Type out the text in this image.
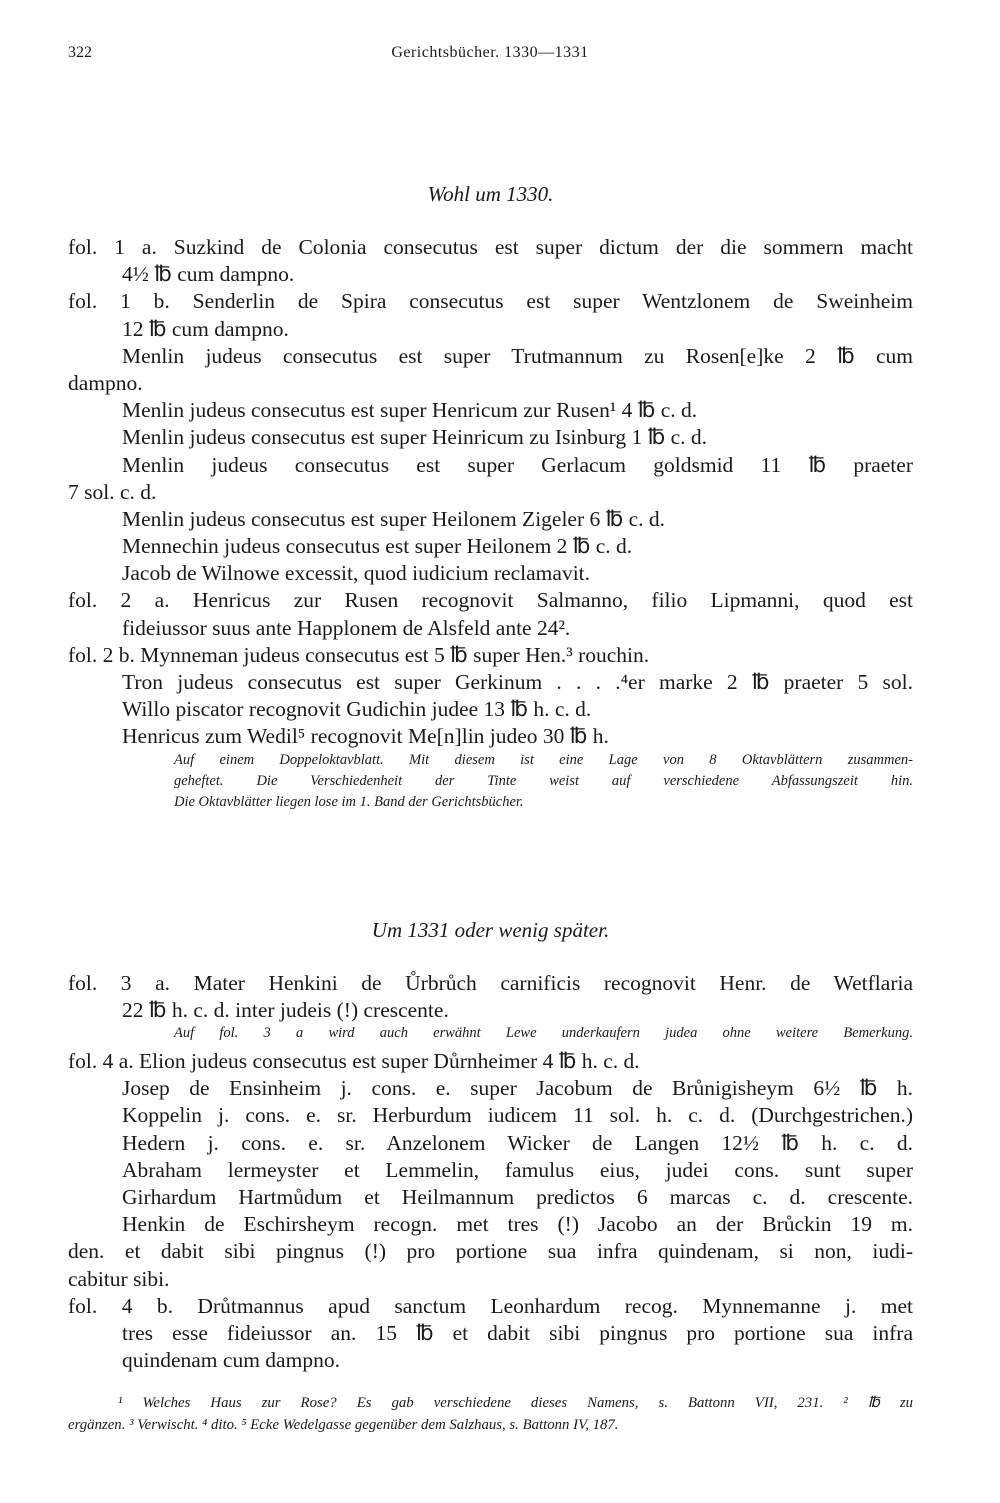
322	Gerichtsbücher. 1330—1331
Wohl um 1330.
fol. 1 a. Suzkind de Colonia consecutus est super dictum der die sommern macht
4½ ℔ cum dampno.
fol. 1 b. Senderlin de Spira consecutus est super Wentzlonem de Sweinheim
12 ℔ cum dampno.
Menlin judeus consecutus est super Trutmannum zu Rosen[e]ke 2 ℔ cum
dampno.
Menlin judeus consecutus est super Henricum zur Rusen¹ 4 ℔ c. d.
Menlin judeus consecutus est super Heinricum zu Isinburg 1 ℔ c. d.
Menlin judeus consecutus est super Gerlacum goldsmid 11 ℔ praeter
7 sol. c. d.
Menlin judeus consecutus est super Heilonem Zigeler 6 ℔ c. d.
Mennechin judeus consecutus est super Heilonem 2 ℔ c. d.
Jacob de Wilnowe excessit, quod iudicium reclamavit.
fol. 2 a. Henricus zur Rusen recognovit Salmanno, filio Lipmanni, quod est
fideiussor suus ante Happlonem de Alsfeld ante 24².
fol. 2 b. Mynneman judeus consecutus est 5 ℔ super Hen.³ rouchin.
Tron judeus consecutus est super Gerkinum . . . .⁴er marke 2 ℔ praeter 5 sol.
Willo piscator recognovit Gudichin judee 13 ℔ h. c. d.
Henricus zum Wedil⁵ recognovit Me[n]lin judeo 30 ℔ h.
Auf einem Doppeloktavblatt. Mit diesem ist eine Lage von 8 Oktavblättern zusammen-
geheftet. Die Verschiedenheit der Tinte weist auf verschiedene Abfassungszeit hin.
Die Oktavblätter liegen lose im 1. Band der Gerichtsbücher.
Um 1331 oder wenig später.
fol. 3 a. Mater Henkini de Ůrbrůch carnificis recognovit Henr. de Wetflaria
22 ℔ h. c. d. inter judeis (!) crescente.
Auf fol. 3 a wird auch erwähnt Lewe underkaufern judea ohne weitere Bemerkung.
fol. 4 a. Elion judeus consecutus est super Důrnheimer 4 ℔ h. c. d.
Josep de Ensinheim j. cons. e. super Jacobum de Brůnigisheym 6½ ℔ h.
Koppelin j. cons. e. sr. Herburdum iudicem 11 sol. h. c. d. (Durchgestrichen.)
Hedern j. cons. e. sr. Anzelonem Wicker de Langen 12½ ℔ h. c. d.
Abraham lermeyster et Lemmelin, famulus eius, judei cons. sunt super
Girhardum Hartmůdum et Heilmannum predictos 6 marcas c. d. crescente.
Henkin de Eschirsheym recogn. met tres (!) Jacobo an der Brůckin 19 m.
den. et dabit sibi pingnus (!) pro portione sua infra quindenam, si non, iudi-
cabitur sibi.
fol. 4 b. Drůtmannus apud sanctum Leonhardum recog. Mynnemanne j. met
tres esse fideiussor an. 15 ℔ et dabit sibi pingnus pro portione sua infra
quindenam cum dampno.
¹ Welches Haus zur Rose? Es gab verschiedene dieses Namens, s. Battonn VII, 231. ² ℔ zu
ergänzen. ³ Verwischt. ⁴ dito. ⁵ Ecke Wedelgasse gegenüber dem Salzhaus, s. Battonn IV, 187.
